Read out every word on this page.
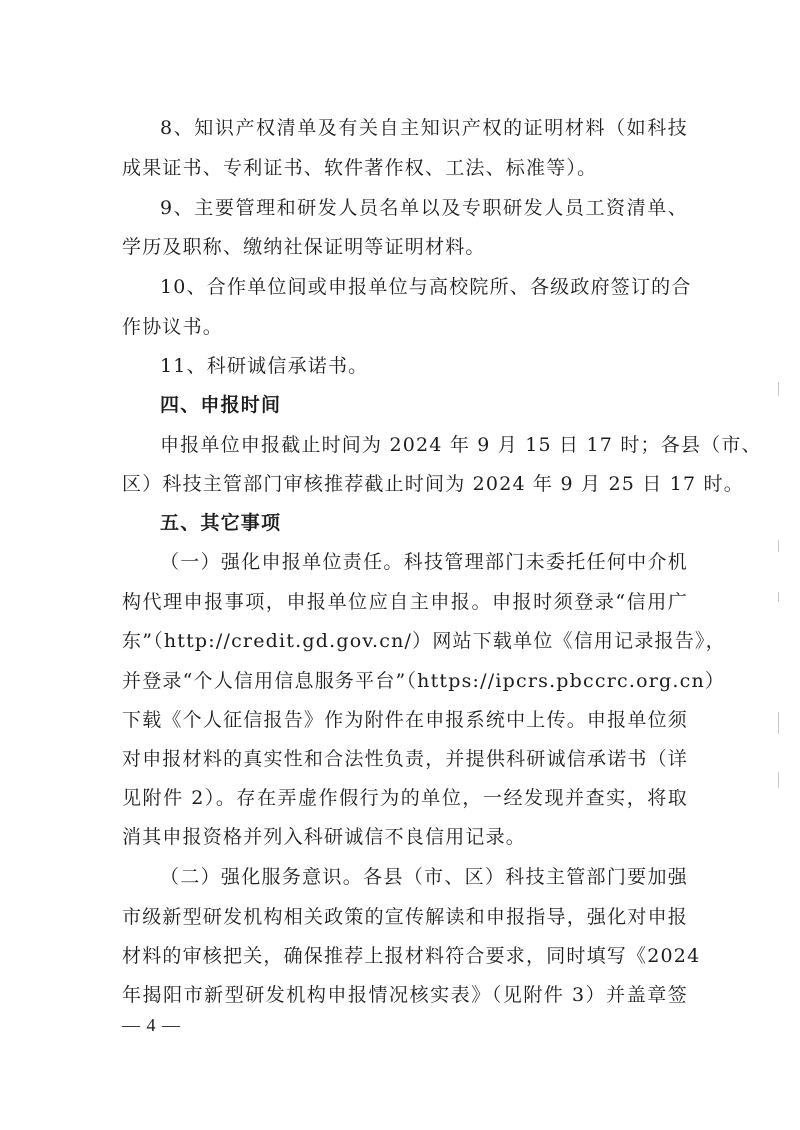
8、知识产权清单及有关自主知识产权的证明材料（如科技
成果证书、专利证书、软件著作权、工法、标准等）。
9、主要管理和研发人员名单以及专职研发人员工资清单、
学历及职称、缴纳社保证明等证明材料。
10、合作单位间或申报单位与高校院所、各级政府签订的合
作协议书。
11、科研诚信承诺书。
四、申报时间
申报单位申报截止时间为 2024 年 9 月 15 日 17 时；各县（市、
区）科技主管部门审核推荐截止时间为 2024 年 9 月 25 日 17 时。
五、其它事项
（一）强化申报单位责任。科技管理部门未委托任何中介机
构代理申报事项，申报单位应自主申报。申报时须登录“信用广
东”（http://credit.gd.gov.cn/）网站下载单位《信用记录报告》，
并登录“个人信用信息服务平台”（https://ipcrs.pbccrc.org.cn）
下载《个人征信报告》作为附件在申报系统中上传。申报单位须
对申报材料的真实性和合法性负责，并提供科研诚信承诺书（详
见附件 2）。存在弄虚作假行为的单位，一经发现并查实，将取
消其申报资格并列入科研诚信不良信用记录。
（二）强化服务意识。各县（市、区）科技主管部门要加强
市级新型研发机构相关政策的宣传解读和申报指导，强化对申报
材料的审核把关，确保推荐上报材料符合要求，同时填写《2024
年揭阳市新型研发机构申报情况核实表》（见附件 3）并盖章签
— 4 —
